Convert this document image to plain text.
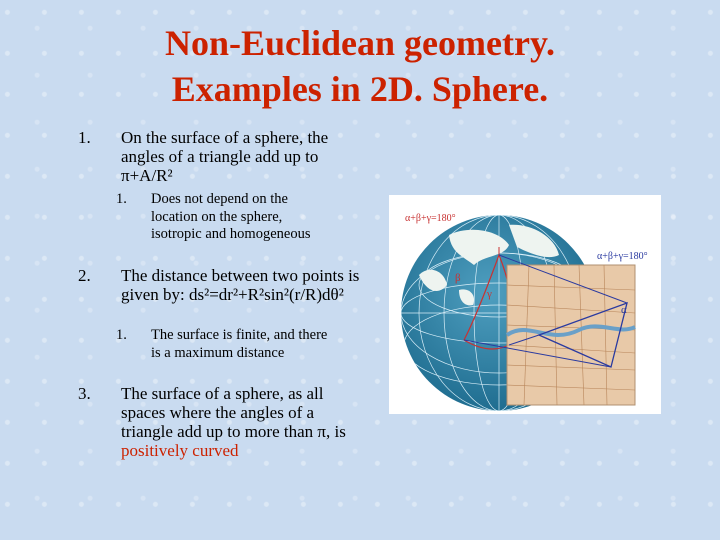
Non-Euclidean geometry.
Examples in 2D. Sphere.
1.	On the surface of a sphere, the angles of a triangle add up to π+A/R²
1.	Does not depend on the location on the sphere, isotropic and homogeneous
2.	The distance between two points is given by: ds²=dr²+R²sin²(r/R)dθ²
1.	The surface is finite, and there is a maximum distance
3.	The surface of a sphere, as all spaces where the angles of a triangle add up to more than π, is positively curved
α+β+γ=180°
α+β+γ=180°
β
γ
α
